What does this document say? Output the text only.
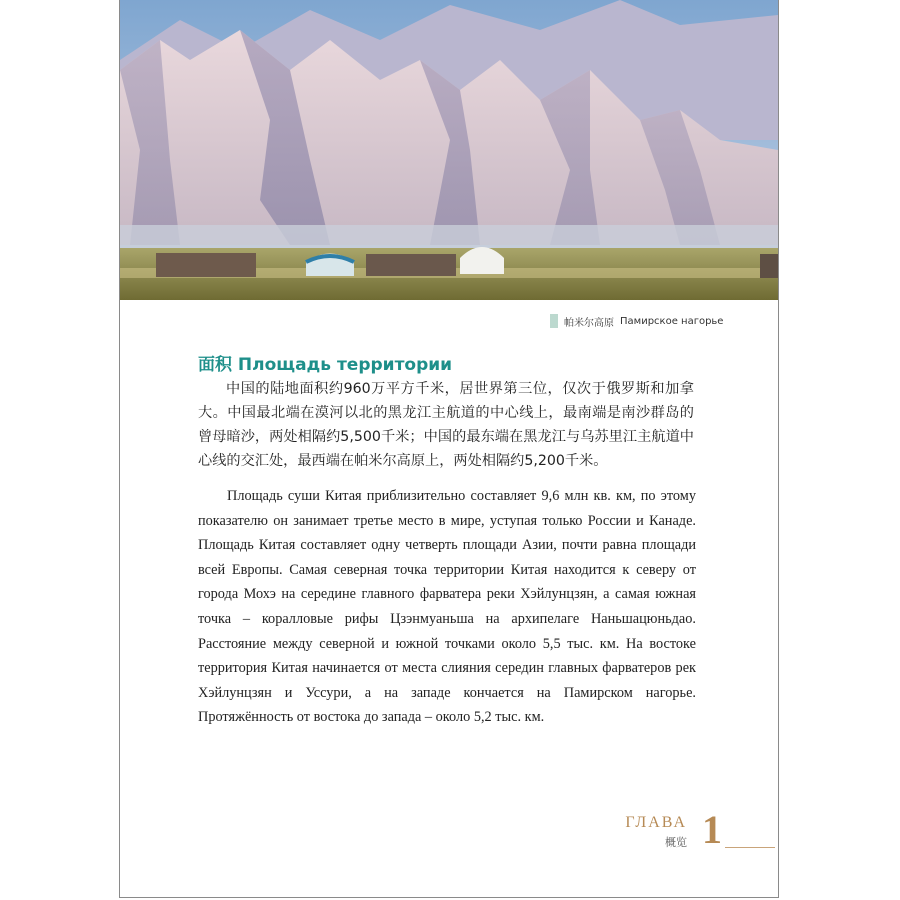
帕米尔高原 Памирское нагорье
面积 Площадь территории

中国的陆地面积约960万平方千米，居世界第三位，仅次于俄罗斯和加拿大。中国最北端在漠河以北的黑龙江主航道的中心线上，最南端是南沙群岛的曾母暗沙，两处相隔约5,500千米；中国的最东端在黑龙江与乌苏里江主航道中心线的交汇处，最西端在帕米尔高原上，两处相隔约5,200千米。

Площадь суши Китая приблизительно составляет 9,6 млн кв. км, по этому показателю он занимает третье место в мире, уступая только России и Канаде. Площадь Китая составляет одну четверть площади Азии, почти равна площади всей Европы. Самая северная точка территории Китая находится к северу от города Мохэ на середине главного фарватера реки Хэйлунцзян, а самая южная точка – коралловые рифы Цзэнмуаньша на архипелаге Наньшацюньдао. Расстояние между северной и южной точками около 5,5 тыс. км. На востоке территория Китая начинается от места слияния середин главных фарватеров рек Хэйлунцзян и Уссури, а на западе кончается на Памирском нагорье. Протяжённость от востока до запада – около 5,2 тыс. км.

ГЛАВА
概览 1
